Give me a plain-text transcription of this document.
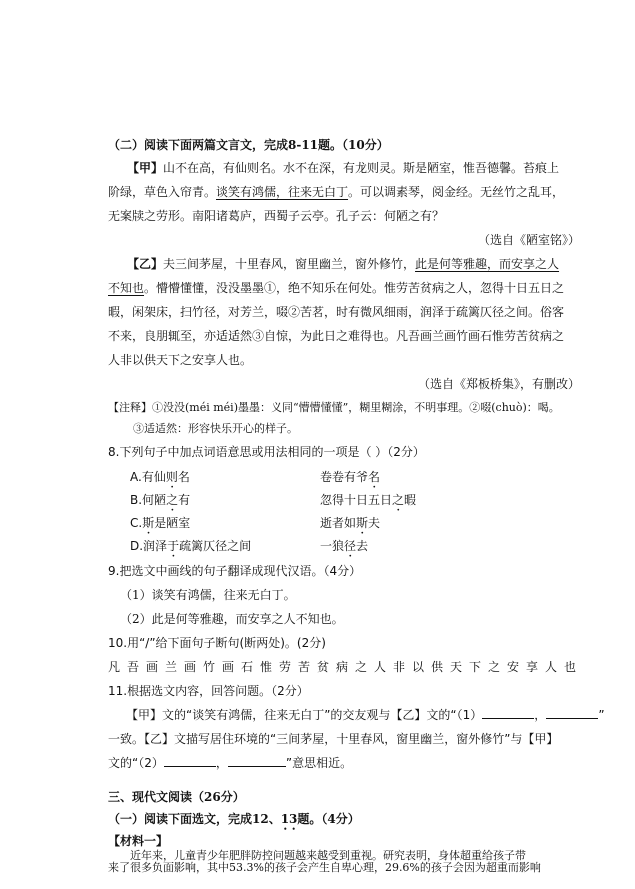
（二）阅读下面两篇文言文，完成8-11题。（10分）
【甲】山不在高，有仙则名。水不在深，有龙则灵。斯是陋室，惟吾德馨。苔痕上
阶绿，草色入帘青。谈笑有鸿儒，往来无白丁。可以调素琴，阅金经。无丝竹之乱耳，
无案牍之劳形。南阳诸葛庐，西蜀子云亭。孔子云：何陋之有？
（选自《陋室铭》）
【乙】夫三间茅屋，十里春风，窗里幽兰，窗外修竹，此是何等雅趣，而安享之人
不知也。懵懵懂懂，没没墨墨①，绝不知乐在何处。惟劳苦贫病之人，忽得十日五日之
暇，闲架床，扫竹径，对芳兰，啜②苦茗，时有微风细雨，润泽于疏篱仄径之间。俗客
不来，良朋辄至，亦适适然③自惊，为此日之难得也。凡吾画兰画竹画石惟劳苦贫病之
人非以供天下之安享人也。
（选自《郑板桥集》，有删改）
【注释】①没没(méi méi)墨墨：义同“懵懵懂懂”，糊里糊涂，不明事理。②啜(chuò)：喝。
③适适然：形容快乐开心的样子。
8.下列句子中加点词语意思或用法相同的一项是（ ）（2分）
A.有仙则名	卷卷有爷名
B.何陋之有	忽得十日五日之暇
C.斯是陋室	逝者如斯夫
D.润泽于疏篱仄径之间	一狼径去
9.把选文中画线的句子翻译成现代汉语。（4分）
（1）谈笑有鸿儒，往来无白丁。
（2）此是何等雅趣，而安享之人不知也。
10.用“/”给下面句子断句(断两处)。(2分)
凡吾画兰画竹画石惟劳苦贫病之人非以供天下之安享人也
11.根据选文内容，回答问题。（2分）
【甲】文的“谈笑有鸿儒，往来无白丁”的交友观与【乙】文的“（1）	，	”
一致。【乙】文描写居住环境的“三间茅屋，十里春风，窗里幽兰，窗外修竹”与【甲】
文的“（2）	，	”意思相近。
三、现代文阅读（26分）
（一）阅读下面选文，完成12、13题。（4分）
【材料一】
近年来，儿童青少年肥胖防控问题越来越受到重视。研究表明，身体超重给孩子带
来了很多负面影响，其中53.3%的孩子会产生自卑心理，29.6%的孩子会因为超重而影响
